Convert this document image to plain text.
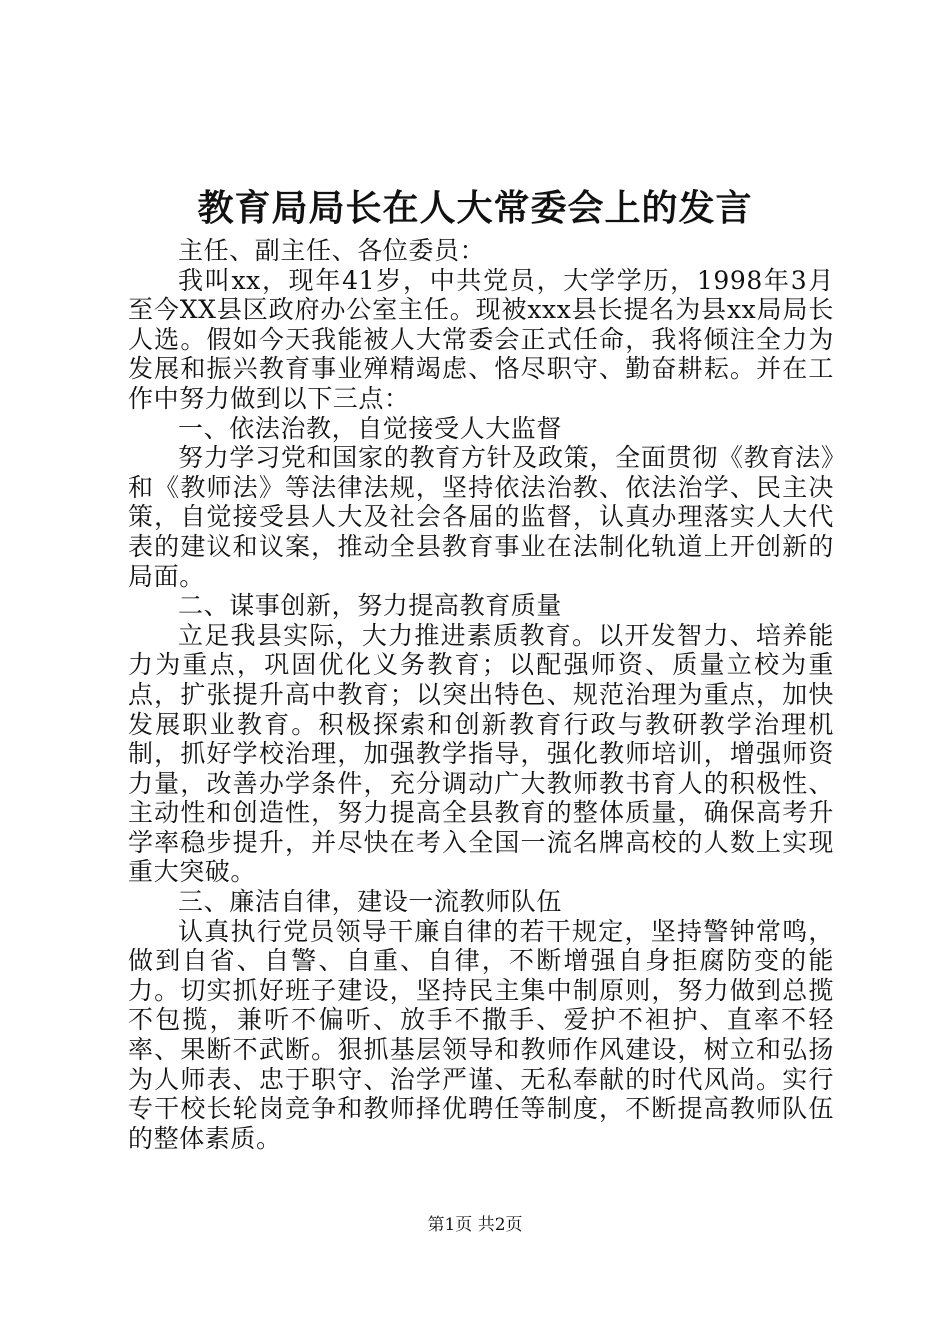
教育局局长在人大常委会上的发言

主任、副主任、各位委员：

我叫xx，现年41岁，中共党员，大学学历，1998年3月至今XX县区政府办公室主任。现被xxx县长提名为县xx局局长人选。假如今天我能被人大常委会正式任命，我将倾注全力为发展和振兴教育事业殚精竭虑、恪尽职守、勤奋耕耘。并在工作中努力做到以下三点：

一、依法治教，自觉接受人大监督

努力学习党和国家的教育方针及政策，全面贯彻《教育法》和《教师法》等法律法规，坚持依法治教、依法治学、民主决策，自觉接受县人大及社会各届的监督，认真办理落实人大代表的建议和议案，推动全县教育事业在法制化轨道上开创新的局面。

二、谋事创新，努力提高教育质量

立足我县实际，大力推进素质教育。以开发智力、培养能力为重点，巩固优化义务教育；以配强师资、质量立校为重点，扩张提升高中教育；以突出特色、规范治理为重点，加快发展职业教育。积极探索和创新教育行政与教研教学治理机制，抓好学校治理，加强教学指导，强化教师培训，增强师资力量，改善办学条件，充分调动广大教师教书育人的积极性、主动性和创造性，努力提高全县教育的整体质量，确保高考升学率稳步提升，并尽快在考入全国一流名牌高校的人数上实现重大突破。

三、廉洁自律，建设一流教师队伍

认真执行党员领导干廉自律的若干规定，坚持警钟常鸣，做到自省、自警、自重、自律，不断增强自身拒腐防变的能力。切实抓好班子建设，坚持民主集中制原则，努力做到总揽不包揽，兼听不偏听、放手不撒手、爱护不袒护、直率不轻率、果断不武断。狠抓基层领导和教师作风建设，树立和弘扬为人师表、忠于职守、治学严谨、无私奉献的时代风尚。实行专干校长轮岗竞争和教师择优聘任等制度，不断提高教师队伍的整体素质。

第1页 共2页
